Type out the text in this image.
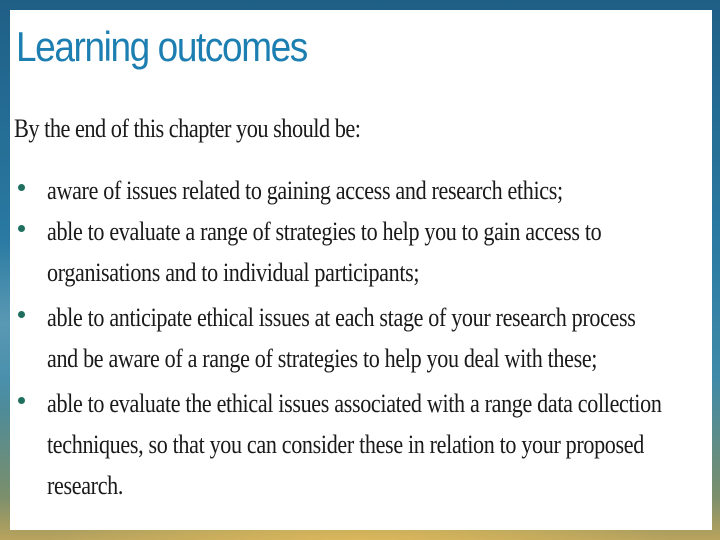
Learning outcomes

By the end of this chapter you should be:

aware of issues related to gaining access and research ethics;
able to evaluate a range of strategies to help you to gain access to
organisations and to individual participants;
able to anticipate ethical issues at each stage of your research process
and be aware of a range of strategies to help you deal with these;
able to evaluate the ethical issues associated with a range data collection
techniques, so that you can consider these in relation to your proposed
research.
